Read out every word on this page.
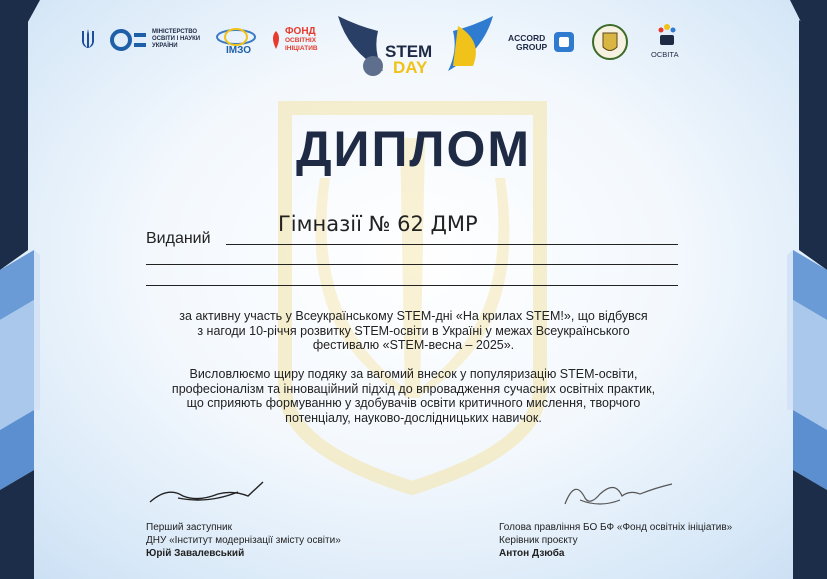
МІНІСТЕРСТВО
ОСВІТИ І НАУКИ
УКРАЇНИ	ІМЗО
ФОНД
ОСВІТНІХ
ІНІЦІАТИВ	STEM
DAY
ACCORD
GROUP
ОСВІТА
ДИПЛОМ
Виданий
Гімназії № 62 ДМР
за активну участь у Всеукраїнському STEM-дні «На крилах STEM!», що відбувся
з нагоди 10-річчя розвитку STEM-освіти в Україні у межах Всеукраїнського
фестивалю «STEM-весна – 2025».
Висловлюємо щиру подяку за вагомий внесок у популяризацію STEM-освіти,
професіоналізм та інноваційний підхід до впровадження сучасних освітніх практик,
що сприяють формуванню у здобувачів освіти критичного мислення, творчого
потенціалу, науково-дослідницьких навичок.
Перший заступник
ДНУ «Інститут модернізації змісту освіти»
Юрій Завалевський
Голова правління БО БФ «Фонд освітніх ініціатив»
Керівник проєкту
Антон Дзюба
